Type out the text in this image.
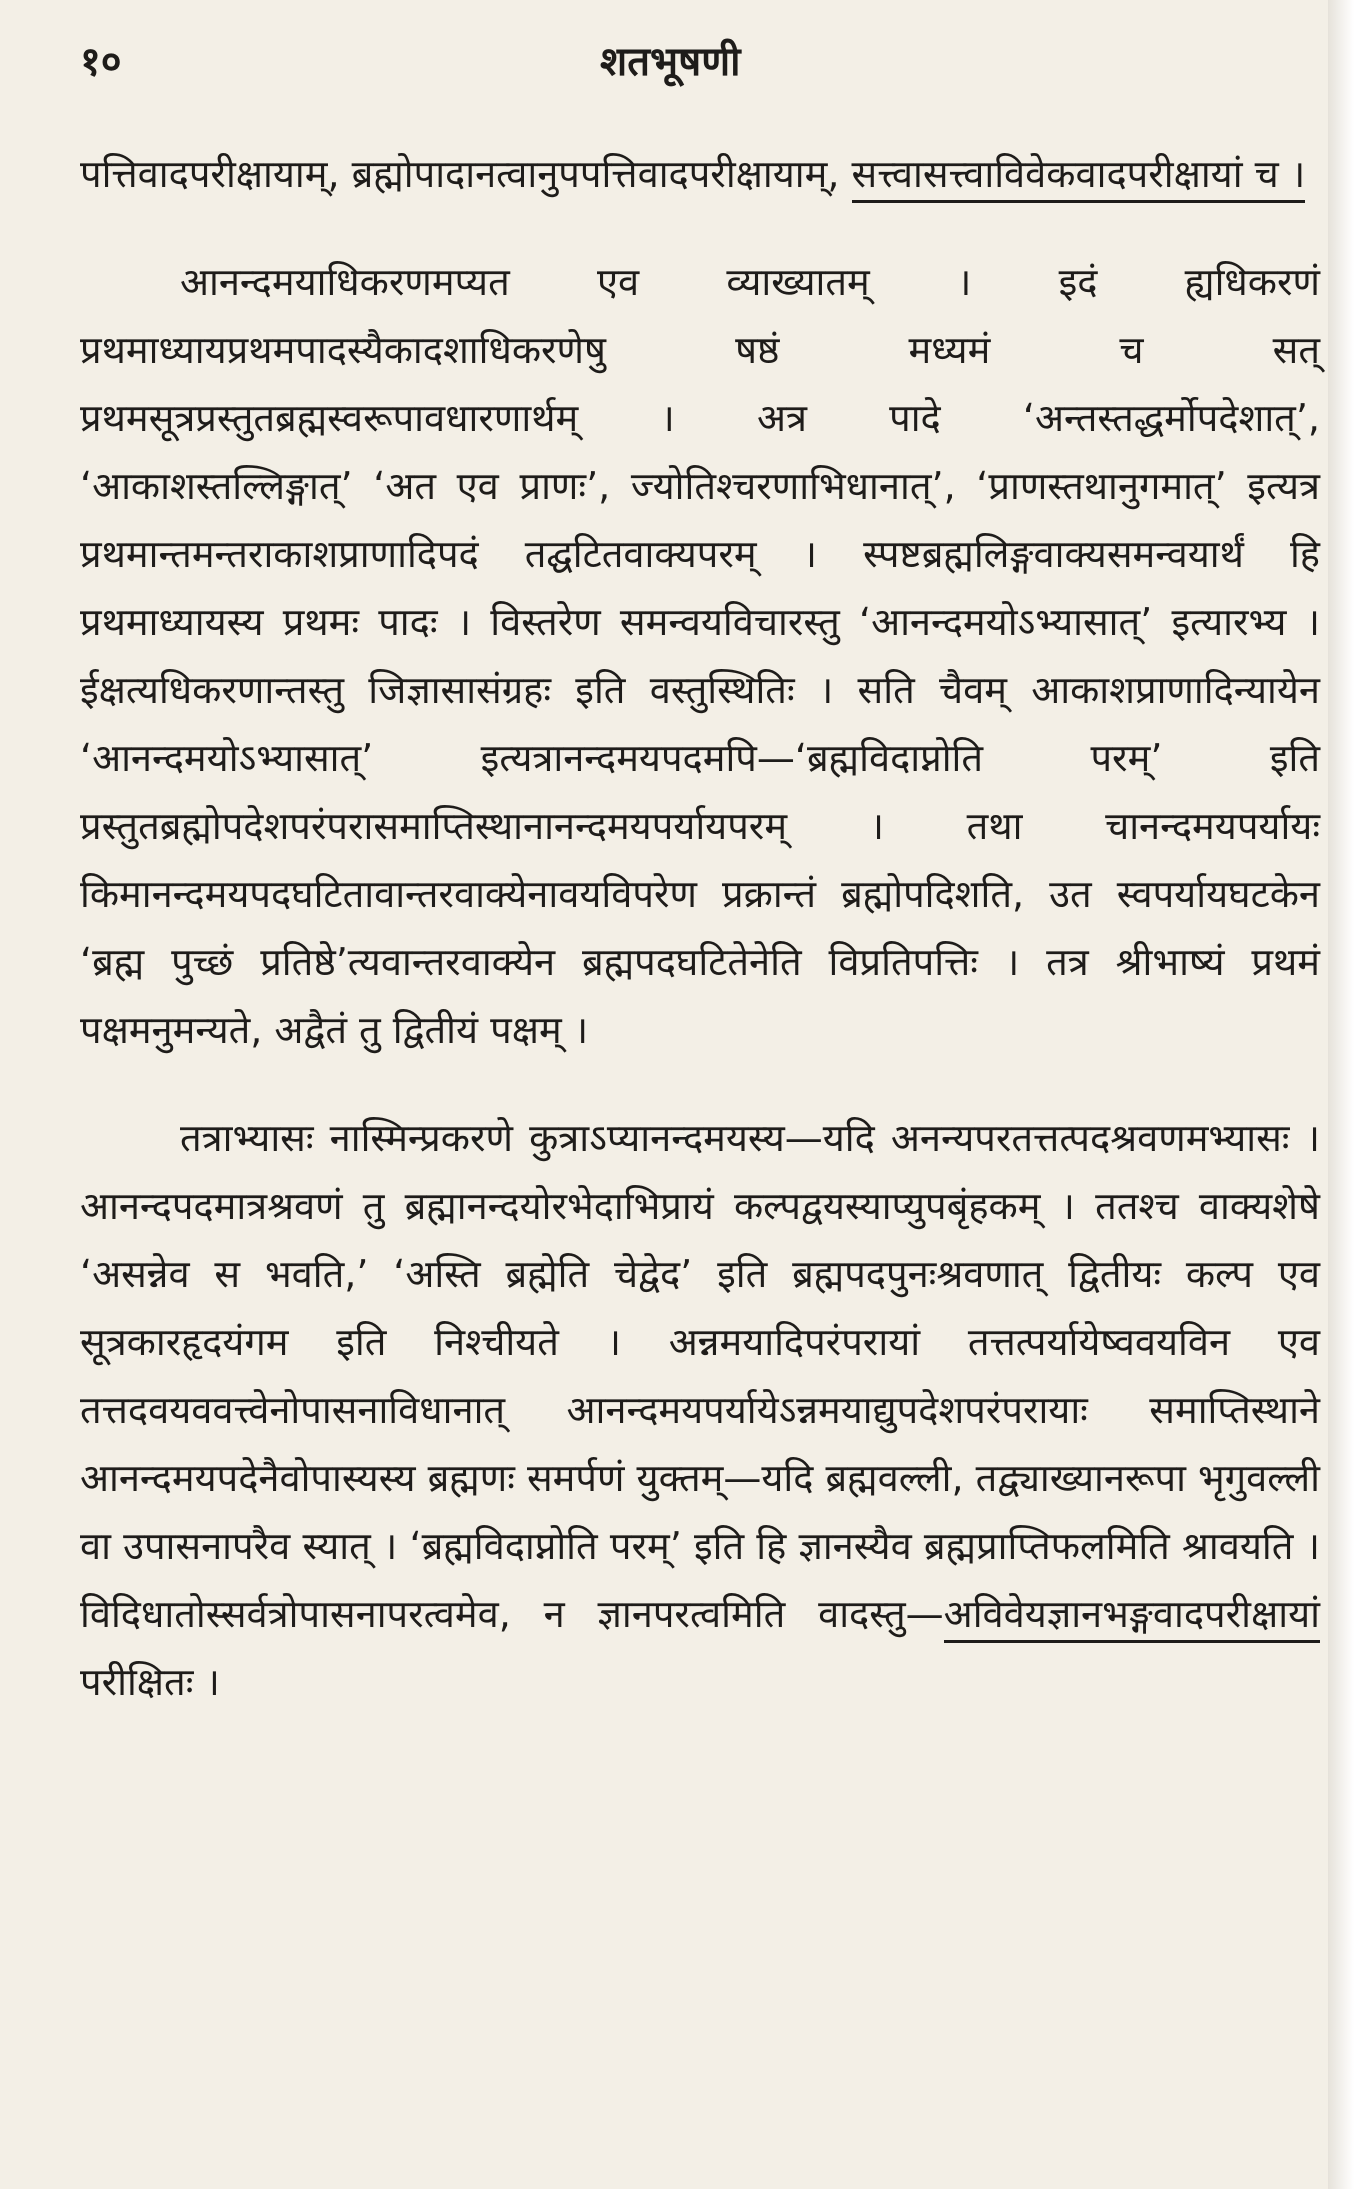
१०	शतभूषणी

पत्तिवादपरीक्षायाम्, ब्रह्मोपादानत्वानुपपत्तिवादपरीक्षायाम्, सत्त्वासत्त्वाविवेकवादपरीक्षायां च ।

आनन्दमयाधिकरणमप्यत एव व्याख्यातम् । इदं ह्यधिकरणं प्रथमाध्यायप्रथमपादस्यैकादशाधिकरणेषु षष्ठं मध्यमं च सत् प्रथमसूत्रप्रस्तुतब्रह्मस्वरूपावधारणार्थम् । अत्र पादे ‘अन्तस्तद्धर्मोपदेशात्’, ‘आकाशस्तल्लिङ्गात्’ ‘अत एव प्राणः’, ज्योतिश्चरणाभिधानात्’, ‘प्राणस्तथानुगमात्’ इत्यत्र प्रथमान्तमन्तराकाशप्राणादिपदं तद्घटितवाक्यपरम् । स्पष्टब्रह्मलिङ्गवाक्यसमन्वयार्थं हि प्रथमाध्यायस्य प्रथमः पादः । विस्तरेण समन्वयविचारस्तु ‘आनन्दमयोऽभ्यासात्’ इत्यारभ्य । ईक्षत्यधिकरणान्तस्तु जिज्ञासासंग्रहः इति वस्तुस्थितिः । सति चैवम् आकाशप्राणादिन्यायेन ‘आनन्दमयोऽभ्यासात्’ इत्यत्रानन्दमयपदमपि—‘ब्रह्मविदाप्नोति परम्’ इति प्रस्तुतब्रह्मोपदेशपरंपरासमाप्तिस्थानानन्दमयपर्यायपरम् । तथा चानन्दमयपर्यायः किमानन्दमयपदघटितावान्तरवाक्येनावयविपरेण प्रक्रान्तं ब्रह्मोपदिशति, उत स्वपर्यायघटकेन ‘ब्रह्म पुच्छं प्रतिष्ठे’त्यवान्तरवाक्येन ब्रह्मपदघटितेनेति विप्रतिपत्तिः । तत्र श्रीभाष्यं प्रथमं पक्षमनुमन्यते, अद्वैतं तु द्वितीयं पक्षम् ।

तत्राभ्यासः नास्मिन्प्रकरणे कुत्राऽप्यानन्दमयस्य—यदि अनन्यपरतत्तत्पदश्रवणमभ्यासः । आनन्दपदमात्रश्रवणं तु ब्रह्मानन्दयोरभेदाभिप्रायं कल्पद्वयस्याप्युपबृंहकम् । ततश्च वाक्यशेषे ‘असन्नेव स भवति,’ ‘अस्ति ब्रह्मेति चेद्वेद’ इति ब्रह्मपदपुनःश्रवणात् द्वितीयः कल्प एव सूत्रकारहृदयंगम इति निश्चीयते । अन्नमयादिपरंपरायां तत्तत्पर्यायेष्ववयविन एव तत्तदवयववत्त्वेनोपासनाविधानात् आनन्दमयपर्यायेऽन्नमयाद्युपदेशपरंपरायाः समाप्तिस्थाने आनन्दमयपदेनैवोपास्यस्य ब्रह्मणः समर्पणं युक्तम्—यदि ब्रह्मवल्ली, तद्व्याख्यानरूपा भृगुवल्ली वा उपासनापरैव स्यात् । ‘ब्रह्मविदाप्नोति परम्’ इति हि ज्ञानस्यैव ब्रह्मप्राप्तिफलमिति श्रावयति । विदिधातोस्सर्वत्रोपासनापरत्वमेव, न ज्ञानपरत्वमिति वादस्तु—अविवेयज्ञानभङ्गवादपरीक्षायां परीक्षितः ।
